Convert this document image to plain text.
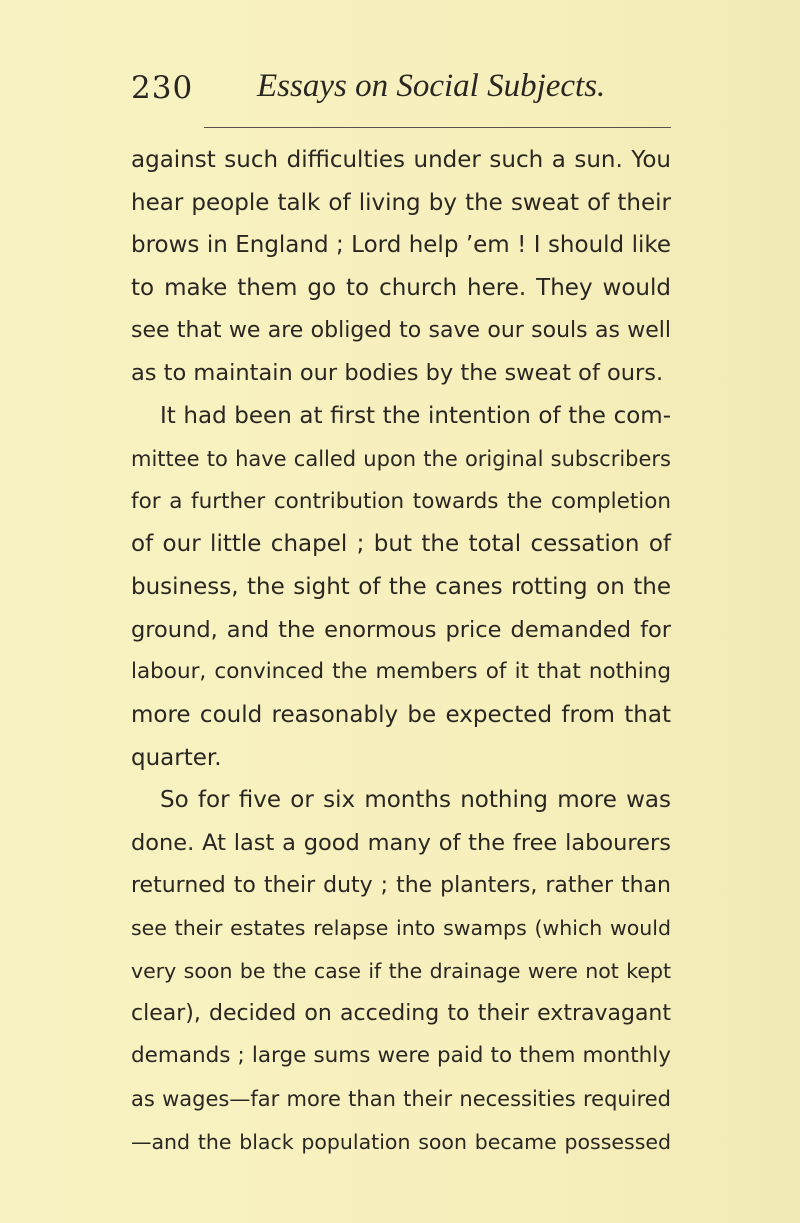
230 Essays on Social Subjects.
against such difficulties under such a sun. You
hear people talk of living by the sweat of their
brows in England ; Lord help ’em ! I should like
to make them go to church here. They would
see that we are obliged to save our souls as well
as to maintain our bodies by the sweat of ours.
It had been at first the intention of the com-
mittee to have called upon the original subscribers
for a further contribution towards the completion
of our little chapel ; but the total cessation of
business, the sight of the canes rotting on the
ground, and the enormous price demanded for
labour, convinced the members of it that nothing
more could reasonably be expected from that
quarter.
So for five or six months nothing more was
done. At last a good many of the free labourers
returned to their duty ; the planters, rather than
see their estates relapse into swamps (which would
very soon be the case if the drainage were not kept
clear), decided on acceding to their extravagant
demands ; large sums were paid to them monthly
as wages—far more than their necessities required
—and the black population soon became possessed
